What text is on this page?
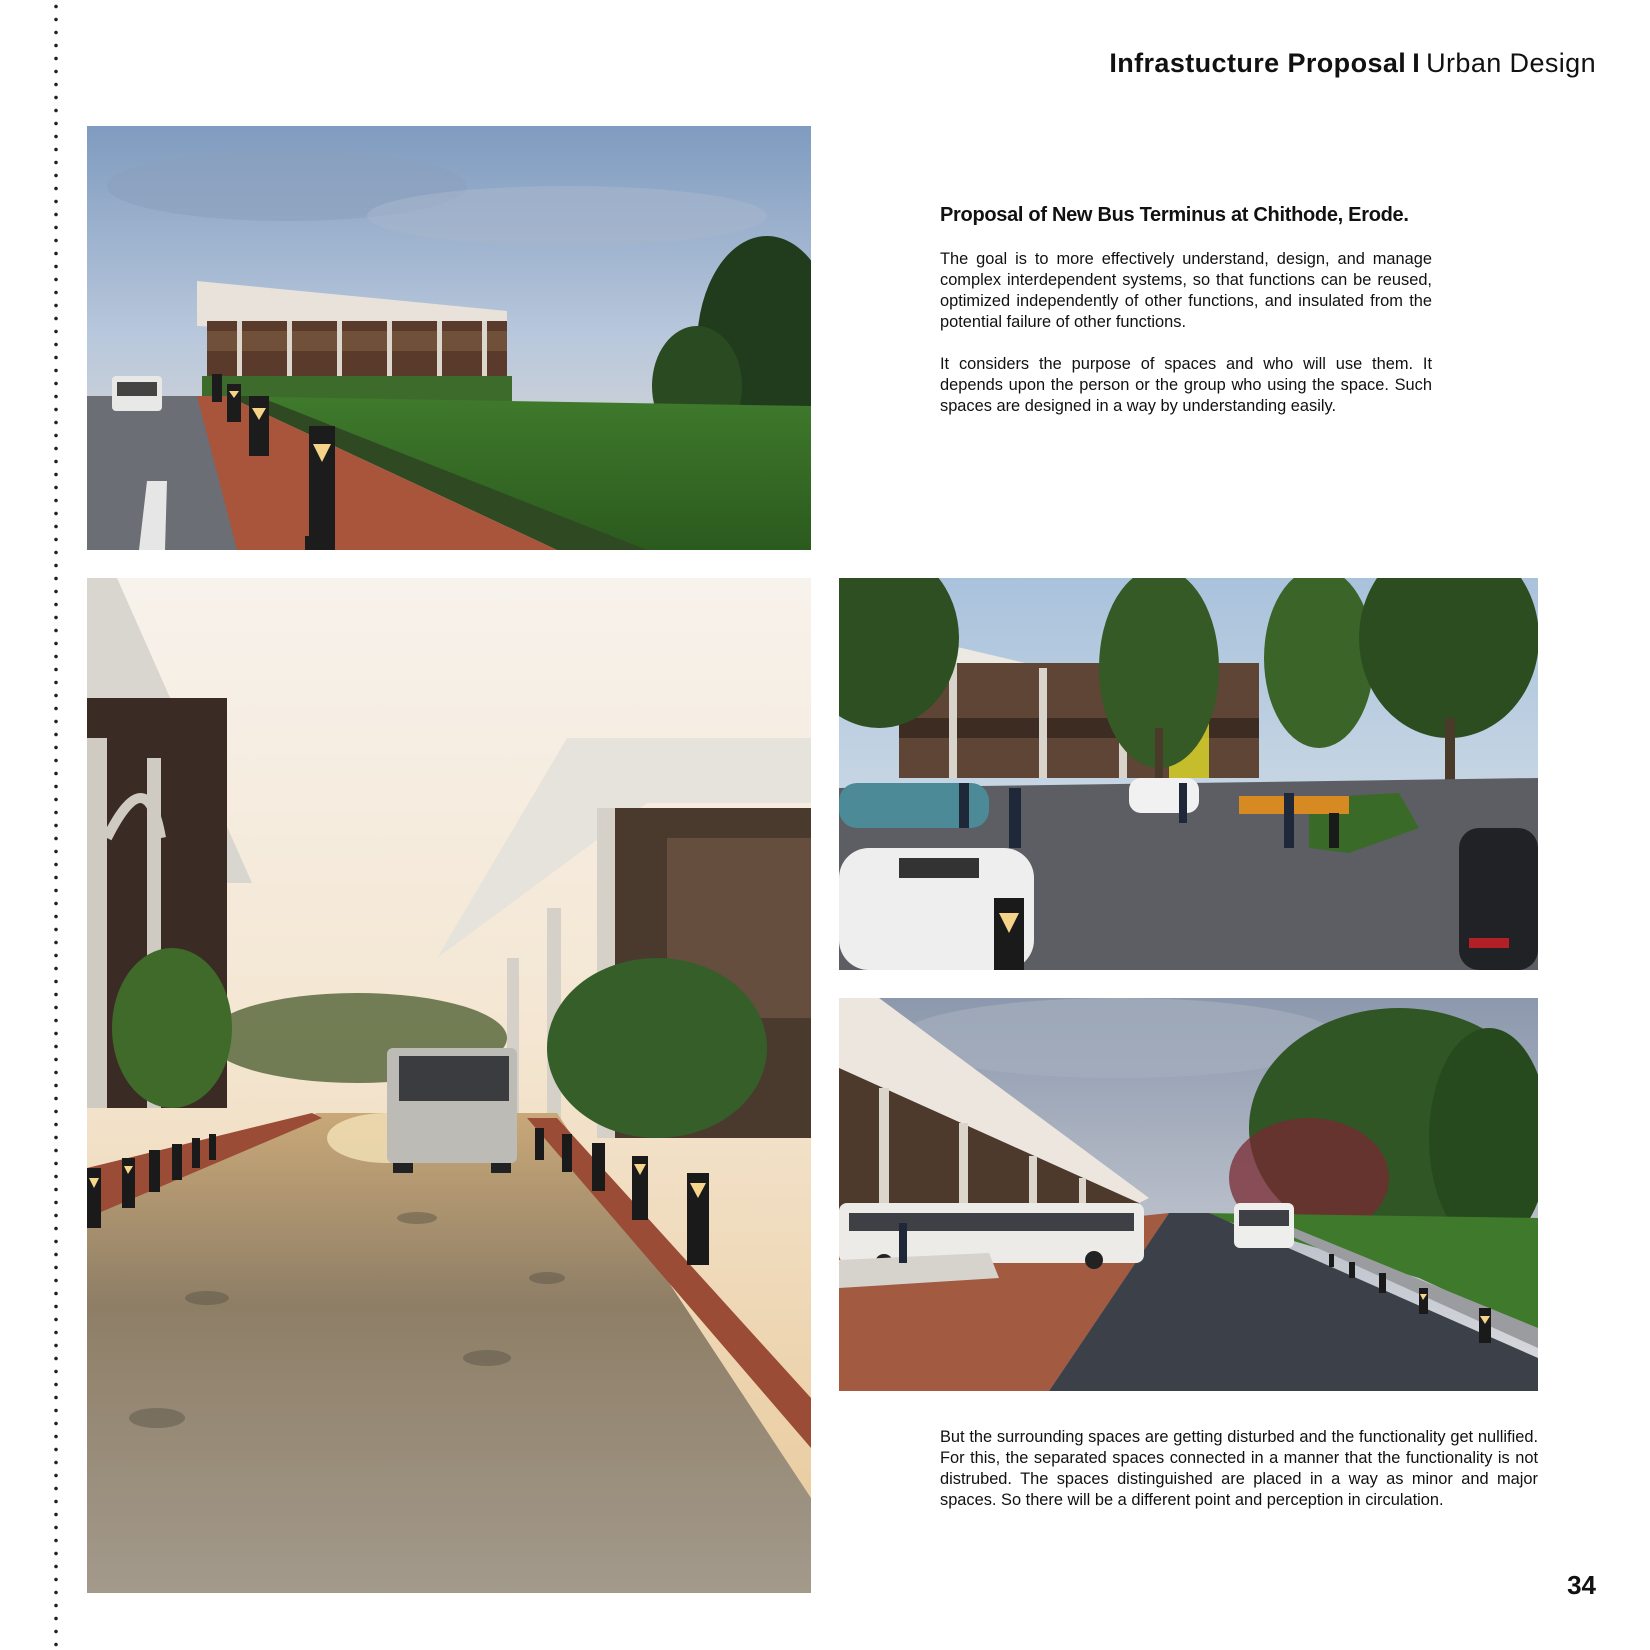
Infrastucture Proposal I Urban Design
Proposal of New Bus Terminus at Chithode, Erode.
The goal is to more effectively understand, design, and manage complex interdependent systems, so that functions can be reused, optimized independently of other functions, and insulated from the potential failure of other functions.
It considers the purpose of spaces and who will use them. It depends upon the person or the group who using the space. Such spaces are designed in a way by understanding easily.
But the surrounding spaces are getting disturbed and the functionality get nullified. For this, the separated spaces connected in a manner that the functionality is not distrubed. The spaces distinguished are placed in a way as minor and major spaces. So there will be a different point and perception in circulation.
34
